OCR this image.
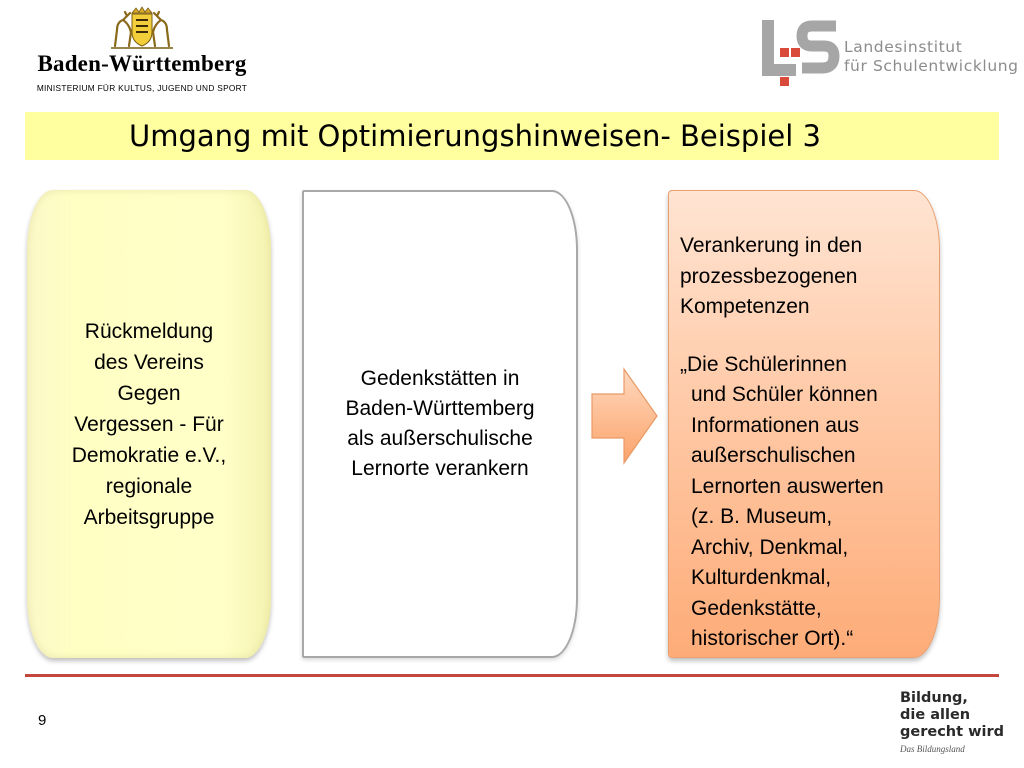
Baden-Württemberg
MINISTERIUM FÜR KULTUS, JUGEND UND SPORT
Landesinstitut
für Schulentwicklung
Umgang mit Optimierungshinweisen- Beispiel 3
Rückmeldung
des Vereins
Gegen
Vergessen - Für
Demokratie e.V.,
regionale
Arbeitsgruppe
Gedenkstätten in
Baden-Württemberg
als außerschulische
Lernorte verankern
Verankerung in den
prozessbezogenen
Kompetenzen
„Die Schülerinnen
und Schüler können
Informationen aus
außerschulischen
Lernorten auswerten
(z. B. Museum,
Archiv, Denkmal,
Kulturdenkmal,
Gedenkstätte,
historischer Ort).“
9
Bildung,
die allen
gerecht wird
Das Bildungsland
